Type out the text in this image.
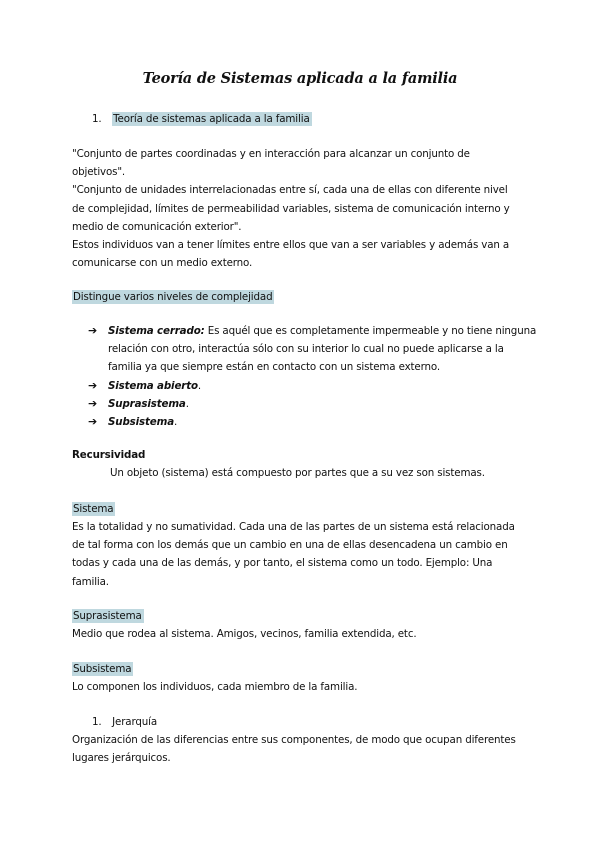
Teoría de Sistemas aplicada a la familia
1. Teoría de sistemas aplicada a la familia
"Conjunto de partes coordinadas y en interacción para alcanzar un conjunto de
objetivos".
"Conjunto de unidades interrelacionadas entre sí, cada una de ellas con diferente nivel
de complejidad, límites de permeabilidad variables, sistema de comunicación interno y
medio de comunicación exterior".
Estos individuos van a tener límites entre ellos que van a ser variables y además van a
comunicarse con un medio externo.
Distingue varios niveles de complejidad
➔ Sistema cerrado: Es aquél que es completamente impermeable y no tiene ninguna
relación con otro, interactúa sólo con su interior lo cual no puede aplicarse a la
familia ya que siempre están en contacto con un sistema externo.
➔ Sistema abierto.
➔ Suprasistema.
➔ Subsistema.
Recursividad
Un objeto (sistema) está compuesto por partes que a su vez son sistemas.
Sistema
Es la totalidad y no sumatividad. Cada una de las partes de un sistema está relacionada
de tal forma con los demás que un cambio en una de ellas desencadena un cambio en
todas y cada una de las demás, y por tanto, el sistema como un todo. Ejemplo: Una
familia.
Suprasistema
Medio que rodea al sistema. Amigos, vecinos, familia extendida, etc.
Subsistema
Lo componen los individuos, cada miembro de la familia.
1. Jerarquía
Organización de las diferencias entre sus componentes, de modo que ocupan diferentes
lugares jerárquicos.
